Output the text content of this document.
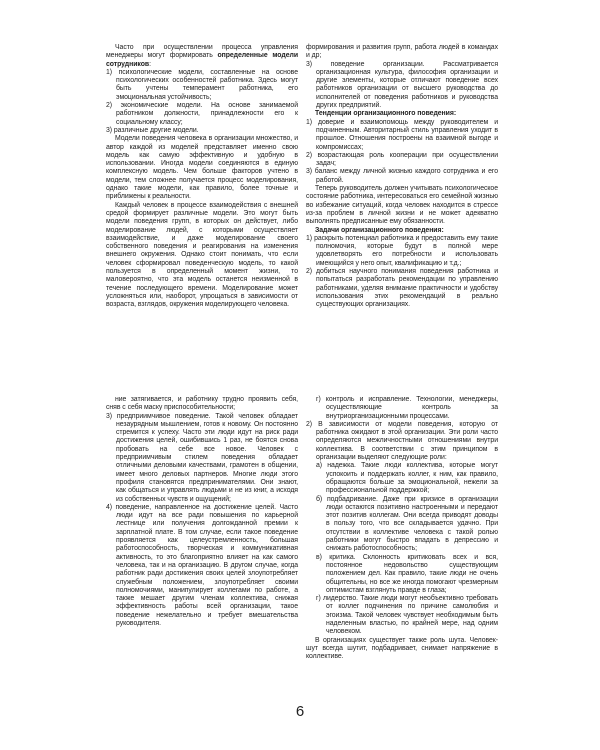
Часто при осуществлении процесса управления менеджеры могут формировать определенные модели сотрудников:

1) психологические модели, составленные на основе психологических особенностей работника. Здесь могут быть учтены темперамент работника, его эмоциональная устойчивость;

2) экономические модели. На основе занимаемой работником должности, принадлежности его к социальному классу;

3) различные другие модели.

Модели поведения человека в организации множество, и автор каждой из моделей представляет именно свою модель как самую эффективную и удобную в использовании. Иногда модели соединяются в единую комплексную модель. Чем больше факторов учтено в модели, тем сложнее получается процесс моделирования, однако такие модели, как правило, более точные и приближены к реальности.

Каждый человек в процессе взаимодействия с внешней средой формирует различные модели. Это могут быть модели поведения групп, в которых он действует, либо моделирование людей, с которыми осуществляет взаимодействие, и даже моделирование своего собственного поведения и реагирования на изменения внешнего окружения. Однако стоит понимать, что если человек сформировал поведенческую модель, то какой пользуется в определенный момент жизни, то маловероятно, что эта модель останется неизменной в течение последующего времени. Моделирование может усложняться или, наоборот, упрощаться в зависимости от возраста, взглядов, окружения моделирующего человека.

формирования и развития групп, работа людей в командах и др;

3) поведение организации. Рассматривается организационная культура, философия организации и другие элементы, которые отличают поведение всех работников организации от высшего руководства до исполнителей от поведения работников и руководства других предприятий.

Тенденции организационного поведения:

1) доверие и взаимопомощь между руководителем и подчиненным. Авторитарный стиль управления уходит в прошлое. Отношения построены на взаимной выгоде и компромиссах;

2) возрастающая роль кооперации при осуществлении задач;

3) баланс между личной жизнью каждого сотрудника и его работой.

Теперь руководитель должен учитывать психологическое состояние работника, интересоваться его семейной жизнью во избежание ситуаций, когда человек находится в стрессе из-за проблем в личной жизни и не может адекватно выполнять предписанные ему обязанности.

Задачи организационного поведения:

1) раскрыть потенциал работника и предоставить ему такие полномочия, которые будут в полной мере удовлетворять его потребности и использовать имеющийся у него опыт, квалификацию и т.д.;

2) добиться научного понимания поведения работника и попытаться разработать рекомендации по управлению работниками, уделяя внимание практичности и удобству использования этих рекомендаций в реально существующих организациях.

ние затягивается, и работнику трудно проявить себя, сняв с себя маску приспособительности;

3) предприимчивое поведение. Такой человек обладает незаурядным мышлением, готов к новому. Он постоянно стремится к успеху. Часто эти люди идут на риск ради достижения целей, ошибившись 1 раз, не боятся снова пробовать на себе все новое. Человек с предприимчивым стилем поведения обладает отличными деловыми качествами, грамотен в общении, имеет много деловых партнеров. Многие люди этого профиля становятся предпринимателями. Они знают, как общаться и управлять людьми и не из книг, а исходя из собственных чувств и ощущений;

4) поведение, направленное на достижение целей. Часто люди идут на все ради повышения по карьерной лестнице или получения долгожданной премии к зарплатной плате. В том случае, если такое поведение проявляется как целеустремленность, большая работоспособность, творческая и коммуникативная активность, то это благоприятно влияет на как самого человека, так и на организацию. В другом случае, когда работник ради достижения своих целей злоупотребляет служебным положением, злоупотребляет своими полномочиями, манипулирует коллегами по работе, а также мешает другим членам коллектива, снижая эффективность работы всей организации, такое поведение нежелательно и требует вмешательства руководителя.

г) контроль и исправление. Технологии, менеджеры, осуществляющие контроль за внутриорганизационными процессами.

2) В зависимости от модели поведения, которую от работника ожидают в этой организации. Эти роли часто определяются межличностными отношениями внутри коллектива. В соответствии с этим принципом в организации выделяют следующие роли:

а) надежка. Такие люди коллектива, которые могут успокоить и поддержать коллег, к ним, как правило, обращаются больше за эмоциональной, нежели за профессиональной поддержкой;

б) подбадривание. Даже при кризисе в организации люди остаются позитивно настроенными и передают этот позитив коллегам. Они всегда приводят доводы в пользу того, что все складывается удачно. При отсутствии в коллективе человека с такой ролью работники могут быстро впадать в депрессию и снижать работоспособность;

в) критика. Склонность критиковать всех и вся, постоянное недовольство существующим положением дел. Как правило, такие люди не очень общительны, но все же иногда помогают чрезмерным оптимистам взглянуть правде в глаза;

г) лидерство. Такие люди могут необъективно требовать от коллег подчинения по причине самолюбия и эгоизма. Такой человек чувствует необходимым быть наделенным властью, по крайней мере, над одним человеком.

В организациях существует также роль шута. Человек-шут всегда шутит, подбадривает, снимает напряжение в коллективе.

6
